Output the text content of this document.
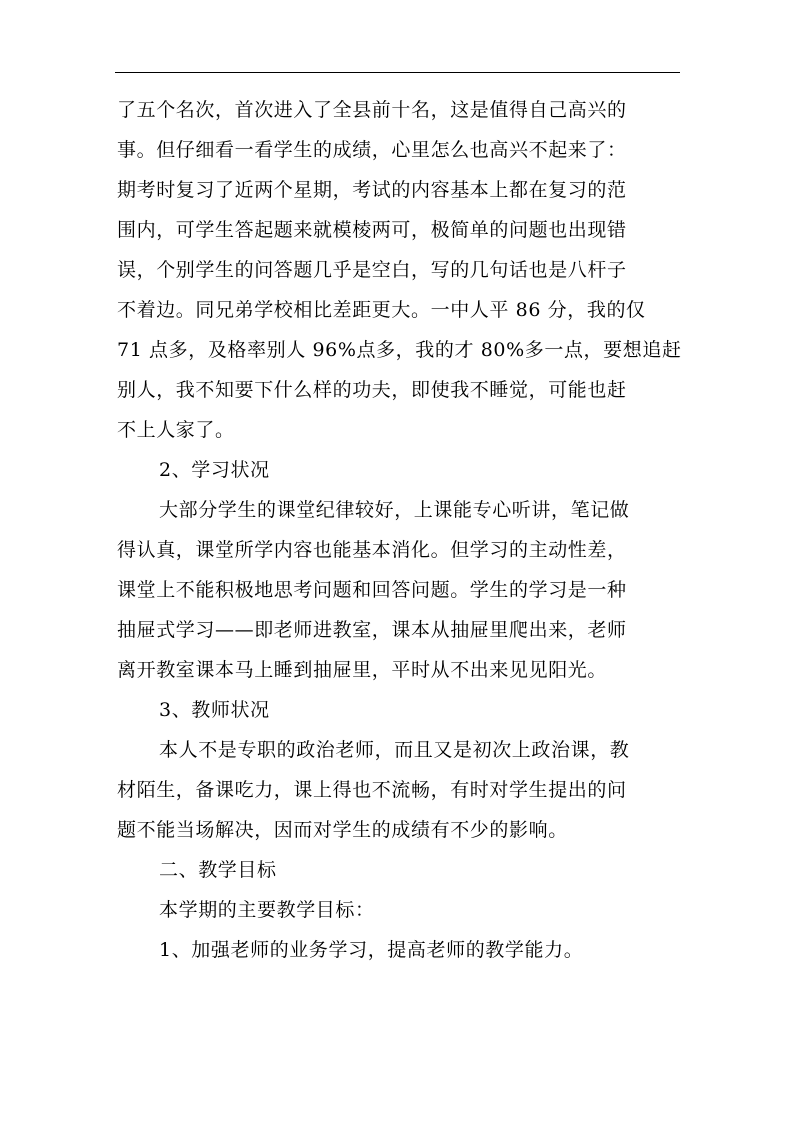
了五个名次，首次进入了全县前十名，这是值得自己高兴的
事。但仔细看一看学生的成绩，心里怎么也高兴不起来了：
期考时复习了近两个星期，考试的内容基本上都在复习的范
围内，可学生答起题来就模棱两可，极简单的问题也出现错
误，个别学生的问答题几乎是空白，写的几句话也是八杆子
不着边。同兄弟学校相比差距更大。一中人平 86 分，我的仅
71 点多，及格率别人 96%点多，我的才 80%多一点，要想追赶
别人，我不知要下什么样的功夫，即使我不睡觉，可能也赶
不上人家了。
2、学习状况
大部分学生的课堂纪律较好，上课能专心听讲，笔记做
得认真，课堂所学内容也能基本消化。但学习的主动性差，
课堂上不能积极地思考问题和回答问题。学生的学习是一种
抽屉式学习——即老师进教室，课本从抽屉里爬出来，老师
离开教室课本马上睡到抽屉里，平时从不出来见见阳光。
3、教师状况
本人不是专职的政治老师，而且又是初次上政治课，教
材陌生，备课吃力，课上得也不流畅，有时对学生提出的问
题不能当场解决，因而对学生的成绩有不少的影响。
二、教学目标
本学期的主要教学目标：
1、加强老师的业务学习，提高老师的教学能力。
